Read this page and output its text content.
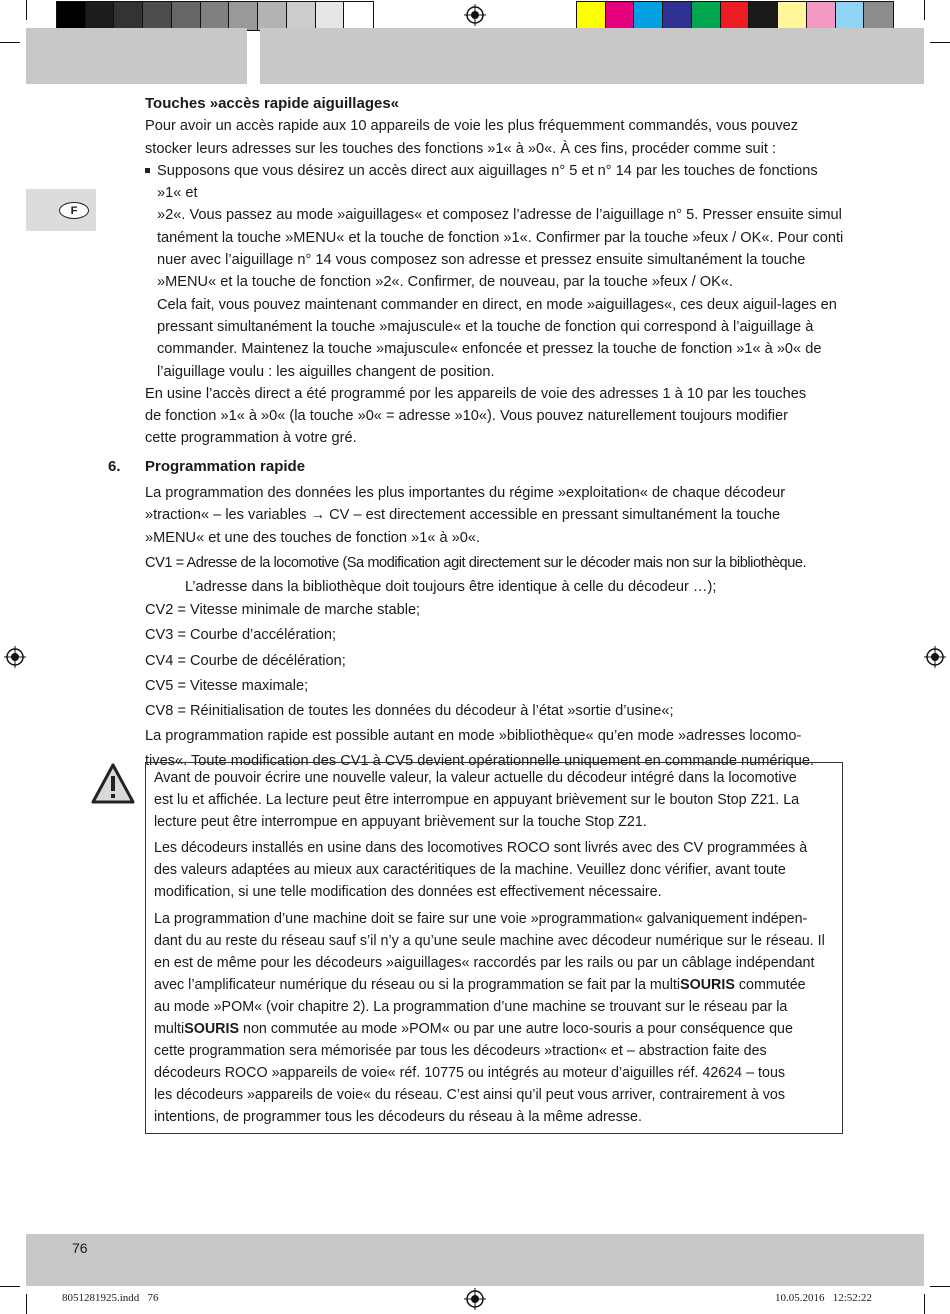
F

Touches »accès rapide aiguillages«

Pour avoir un accès rapide aux 10 appareils de voie les plus fréquemment commandés, vous pouvez

stocker leurs adresses sur les touches des fonctions »1« à »0«. À ces fins, procéder comme suit :

Supposons que vous désirez un accès direct aux aiguillages n° 5 et n° 14 par les touches de fonctions »1« et

»2«. Vous passez au mode »aiguillages« et composez l’adresse de l’aiguillage n° 5. Presser ensuite simul

tanément la touche »MENU« et la touche de fonction »1«. Confirmer par la touche »feux / OK«. Pour conti

nuer avec l’aiguillage n° 14 vous composez son adresse et pressez ensuite simultanément la touche

»MENU« et la touche de fonction »2«. Confirmer, de nouveau, par la touche »feux / OK«.

Cela fait, vous pouvez maintenant commander en direct, en mode »aiguillages«, ces deux aiguil-lages en

pressant simultanément la touche »majuscule« et la touche de fonction qui correspond à l’aiguillage à

commander. Maintenez la touche »majuscule« enfoncée et pressez la touche de fonction »1« à »0« de

l’aiguillage voulu : les aiguilles changent de position.

En usine l’accès direct a été programmé por les appareils de voie des adresses 1 à 10 par les touches

de fonction »1« à »0« (la touche »0« = adresse »10«). Vous pouvez naturellement toujours modifier

cette programmation à votre gré.

6. Programmation rapide

La programmation des données les plus importantes du régime »exploitation« de chaque décodeur

»traction« – les variables → CV – est directement accessible en pressant simultanément la touche

»MENU« et une des touches de fonction »1« à »0«.

CV1 = Adresse de la locomotive (Sa modification agit directement sur le décoder mais non sur la bibliothèque.

L’adresse dans la bibliothèque doit toujours être identique à celle du décodeur …);

CV2 = Vitesse minimale de marche stable;

CV3 = Courbe d’accélération;

CV4 = Courbe de décélération;

CV5 = Vitesse maximale;

CV8 = Réinitialisation de toutes les données du décodeur à l’état »sortie d’usine«;

La programmation rapide est possible autant en mode »bibliothèque« qu’en mode »adresses locomo-

tives«. Toute modification des CV1 à CV5 devient opérationnelle uniquement en commande numérique.

Avant de pouvoir écrire une nouvelle valeur, la valeur actuelle du décodeur intégré dans la locomotive
est lu et affichée. La lecture peut être interrompue en appuyant brièvement sur le bouton Stop Z21. La
lecture peut être interrompue en appuyant brièvement sur la touche Stop Z21.

Les décodeurs installés en usine dans des locomotives ROCO sont livrés avec des CV programmées à
des valeurs adaptées au mieux aux caractéritiques de la machine. Veuillez donc vérifier, avant toute
modification, si une telle modification des données est effectivement nécessaire.

La programmation d’une machine doit se faire sur une voie »programmation« galvaniquement indépen-
dant du au reste du réseau sauf s’il n’y a qu’une seule machine avec décodeur numérique sur le réseau. Il
en est de même pour les décodeurs »aiguillages« raccordés par les rails ou par un câblage indépendant
avec l’amplificateur numérique du réseau ou si la programmation se fait par la multiSOURIS commutée
au mode »POM« (voir chapitre 2). La programmation d’une machine se trouvant sur le réseau par la
multiSOURIS non commutée au mode »POM« ou par une autre loco-souris a pour conséquence que
cette programmation sera mémorisée par tous les décodeurs »traction« et – abstraction faite des
décodeurs ROCO »appareils de voie« réf. 10775 ou intégrés au moteur d’aiguilles réf. 42624 – tous
les décodeurs »appareils de voie« du réseau. C’est ainsi qu’il peut vous arriver, contrairement à vos
intentions, de programmer tous les décodeurs du réseau à la même adresse.

76
8051281925.indd   76	10.05.2016   12:52:22
